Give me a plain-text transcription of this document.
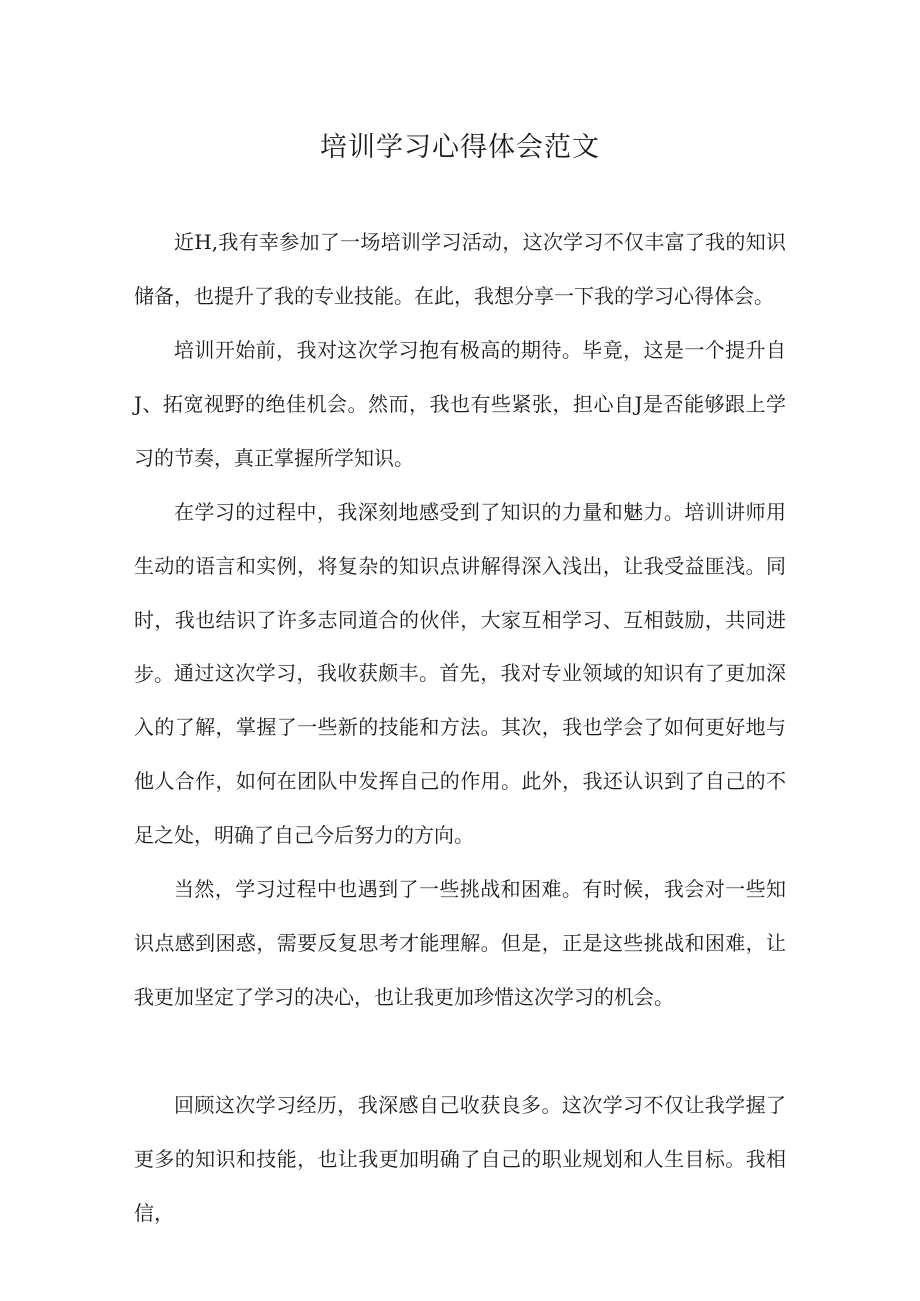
培训学习心得体会范文

近H,我有幸参加了一场培训学习活动，这次学习不仅丰富了我的知识储备，也提升了我的专业技能。在此，我想分享一下我的学习心得体会。

培训开始前，我对这次学习抱有极高的期待。毕竟，这是一个提升自J、拓宽视野的绝佳机会。然而，我也有些紧张，担心自J是否能够跟上学习的节奏，真正掌握所学知识。

在学习的过程中，我深刻地感受到了知识的力量和魅力。培训讲师用生动的语言和实例，将复杂的知识点讲解得深入浅出，让我受益匪浅。同时，我也结识了许多志同道合的伙伴，大家互相学习、互相鼓励，共同进步。 通过这次学习，我收获颇丰。首先，我对专业领域的知识有了更加深入的了解，掌握了一些新的技能和方法。其次，我也学会了如何更好地与他人合作，如何在团队中发挥自己的作用。此外，我还认识到了自己的不足之处，明确了自己今后努力的方向。

当然，学习过程中也遇到了一些挑战和困难。有时候，我会对一些知识点感到困惑，需要反复思考才能理解。但是，正是这些挑战和困难，让我更加坚定了学习的决心，也让我更加珍惜这次学习的机会。

回顾这次学习经历，我深感自己收获良多。这次学习不仅让我学握了更多的知识和技能，也让我更加明确了自己的职业规划和人生目标。我相信，
